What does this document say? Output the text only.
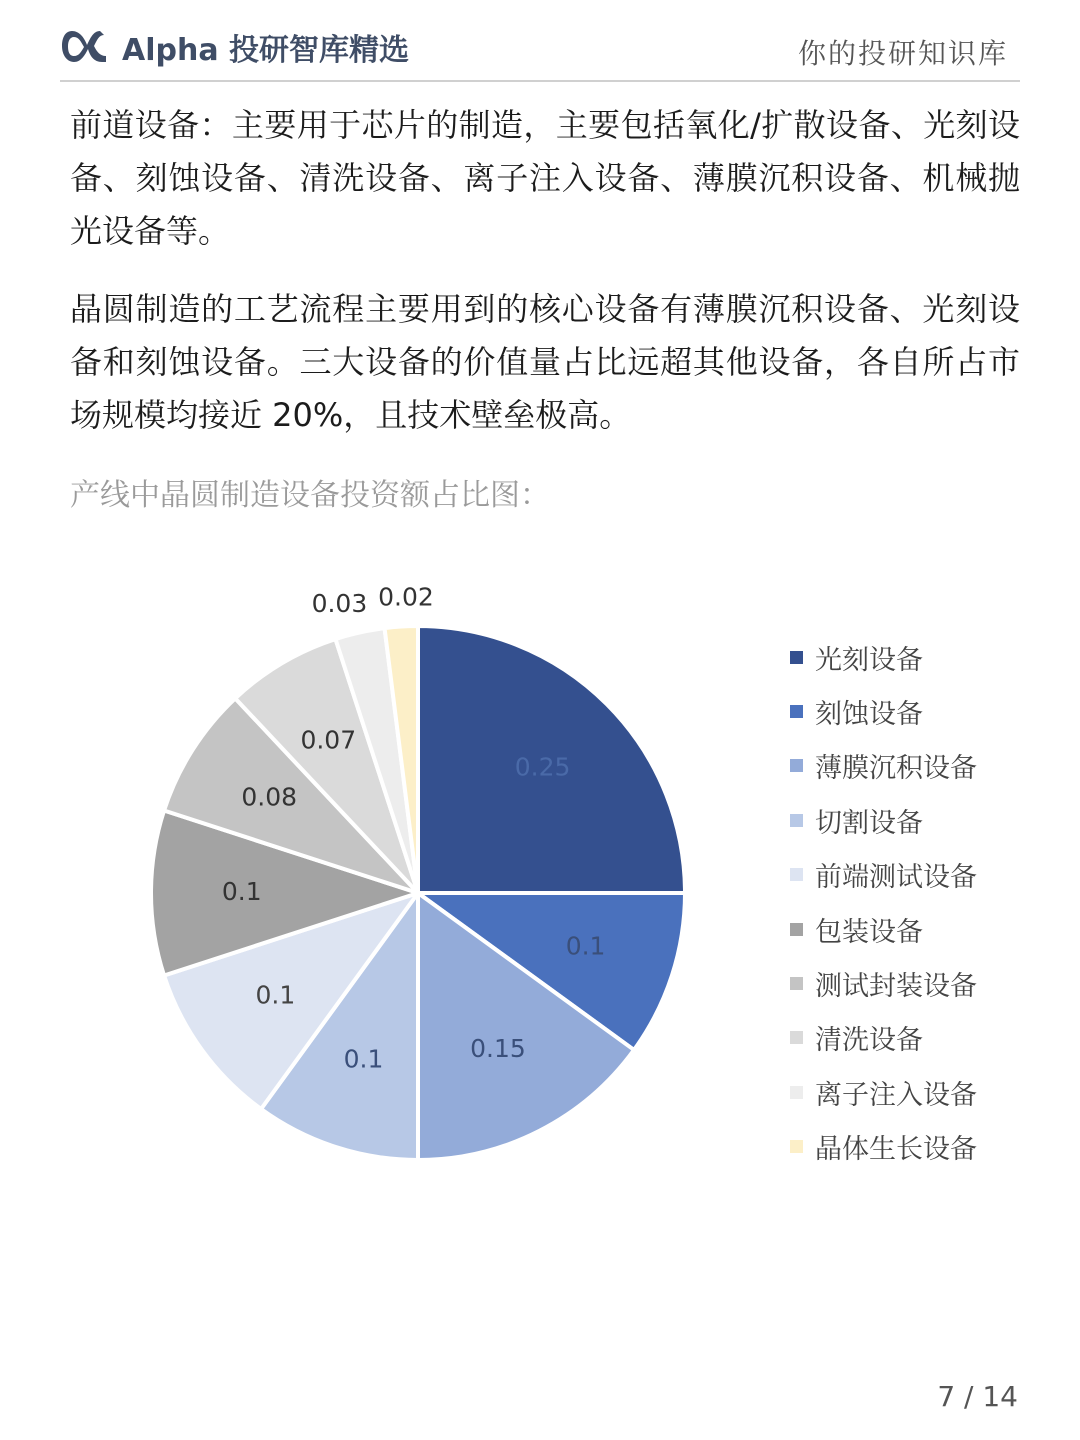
Alpha 投研智库精选	你的投研知识库

前道设备：主要用于芯片的制造，主要包括氧化/扩散设备、光刻设备、刻蚀设备、清洗设备、离子注入设备、薄膜沉积设备、机械抛光设备等。

晶圆制造的工艺流程主要用到的核心设备有薄膜沉积设备、光刻设备和刻蚀设备。三大设备的价值量占比远超其他设备，各自所占市场规模均接近 20%，且技术壁垒极高。

产线中晶圆制造设备投资额占比图：
0.25
0.1
0.15
0.1
0.1
0.1
0.08
0.07
0.03 0.02
光刻设备
刻蚀设备
薄膜沉积设备
切割设备
前端测试设备
包装设备
测试封装设备
清洗设备
离子注入设备
晶体生长设备
7 / 14
